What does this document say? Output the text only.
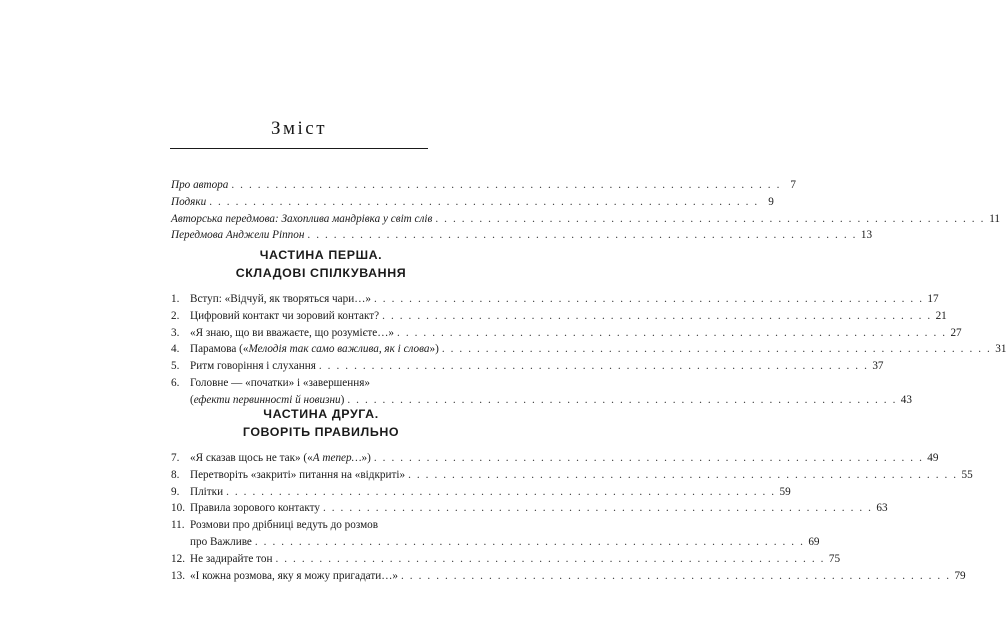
Зміст
Про автора . . .	7
Подяки . . .	9
Авторська передмова: Захоплива мандрівка у світ слів . . .	11
Передмова Анджели Ріппон . . .	13
ЧАСТИНА ПЕРША.
СКЛАДОВІ СПІЛКУВАННЯ
1. Вступ: «Відчуй, як творяться чари…» . . .	17
2. Цифровий контакт чи зоровий контакт? . . .	21
3. «Я знаю, що ви вважаєте, що розумієте…» . . .	27
4. Парамова («Мелодія так само важлива, як і слова») . . .	31
5. Ритм говоріння і слухання . . .	37
6. Головне — «початки» і «завершення»
(ефекти первинності й новизни) . . .	43
ЧАСТИНА ДРУГА.
ГОВОРІТЬ ПРАВИЛЬНО
7. «Я сказав щось не так» («А тепер…») . . .	49
8. Перетворіть «закриті» питання на «відкриті» . . .	55
9. Плітки . . .	59
10. Правила зорового контакту . . .	63
11. Розмови про дрібниці ведуть до розмов
про Важливе . . .	69
12. Не задирайте тон . . .	75
13. «І кожна розмова, яку я можу пригадати…» . . .	79
